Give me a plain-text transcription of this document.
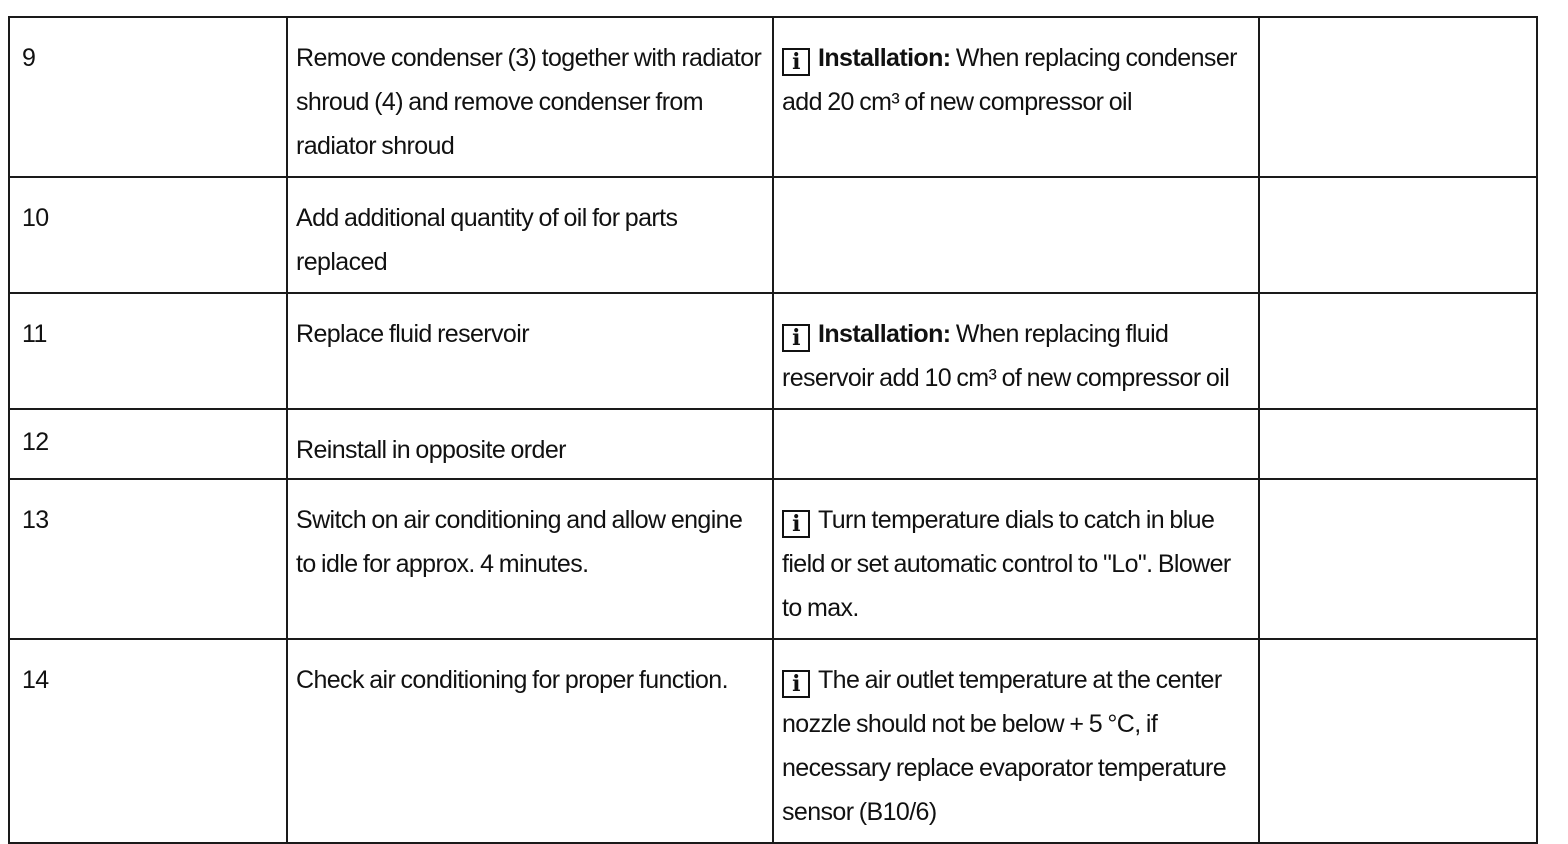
9	Remove condenser (3) together with radiator shroud (4) and remove condenser from radiator shroud	i Installation: When replacing condenser add 20 cm³ of new compressor oil	
10	Add additional quantity of oil for parts replaced		
11	Replace fluid reservoir	i Installation: When replacing fluid reservoir add 10 cm³ of new compressor oil	
12	Reinstall in opposite order		
13	Switch on air conditioning and allow engine to idle for approx. 4 minutes.	i Turn temperature dials to catch in blue field or set automatic control to "Lo". Blower to max.	
14	Check air conditioning for proper function.	i The air outlet temperature at the center nozzle should not be below + 5 °C, if necessary replace evaporator temperature sensor (B10/6)	
